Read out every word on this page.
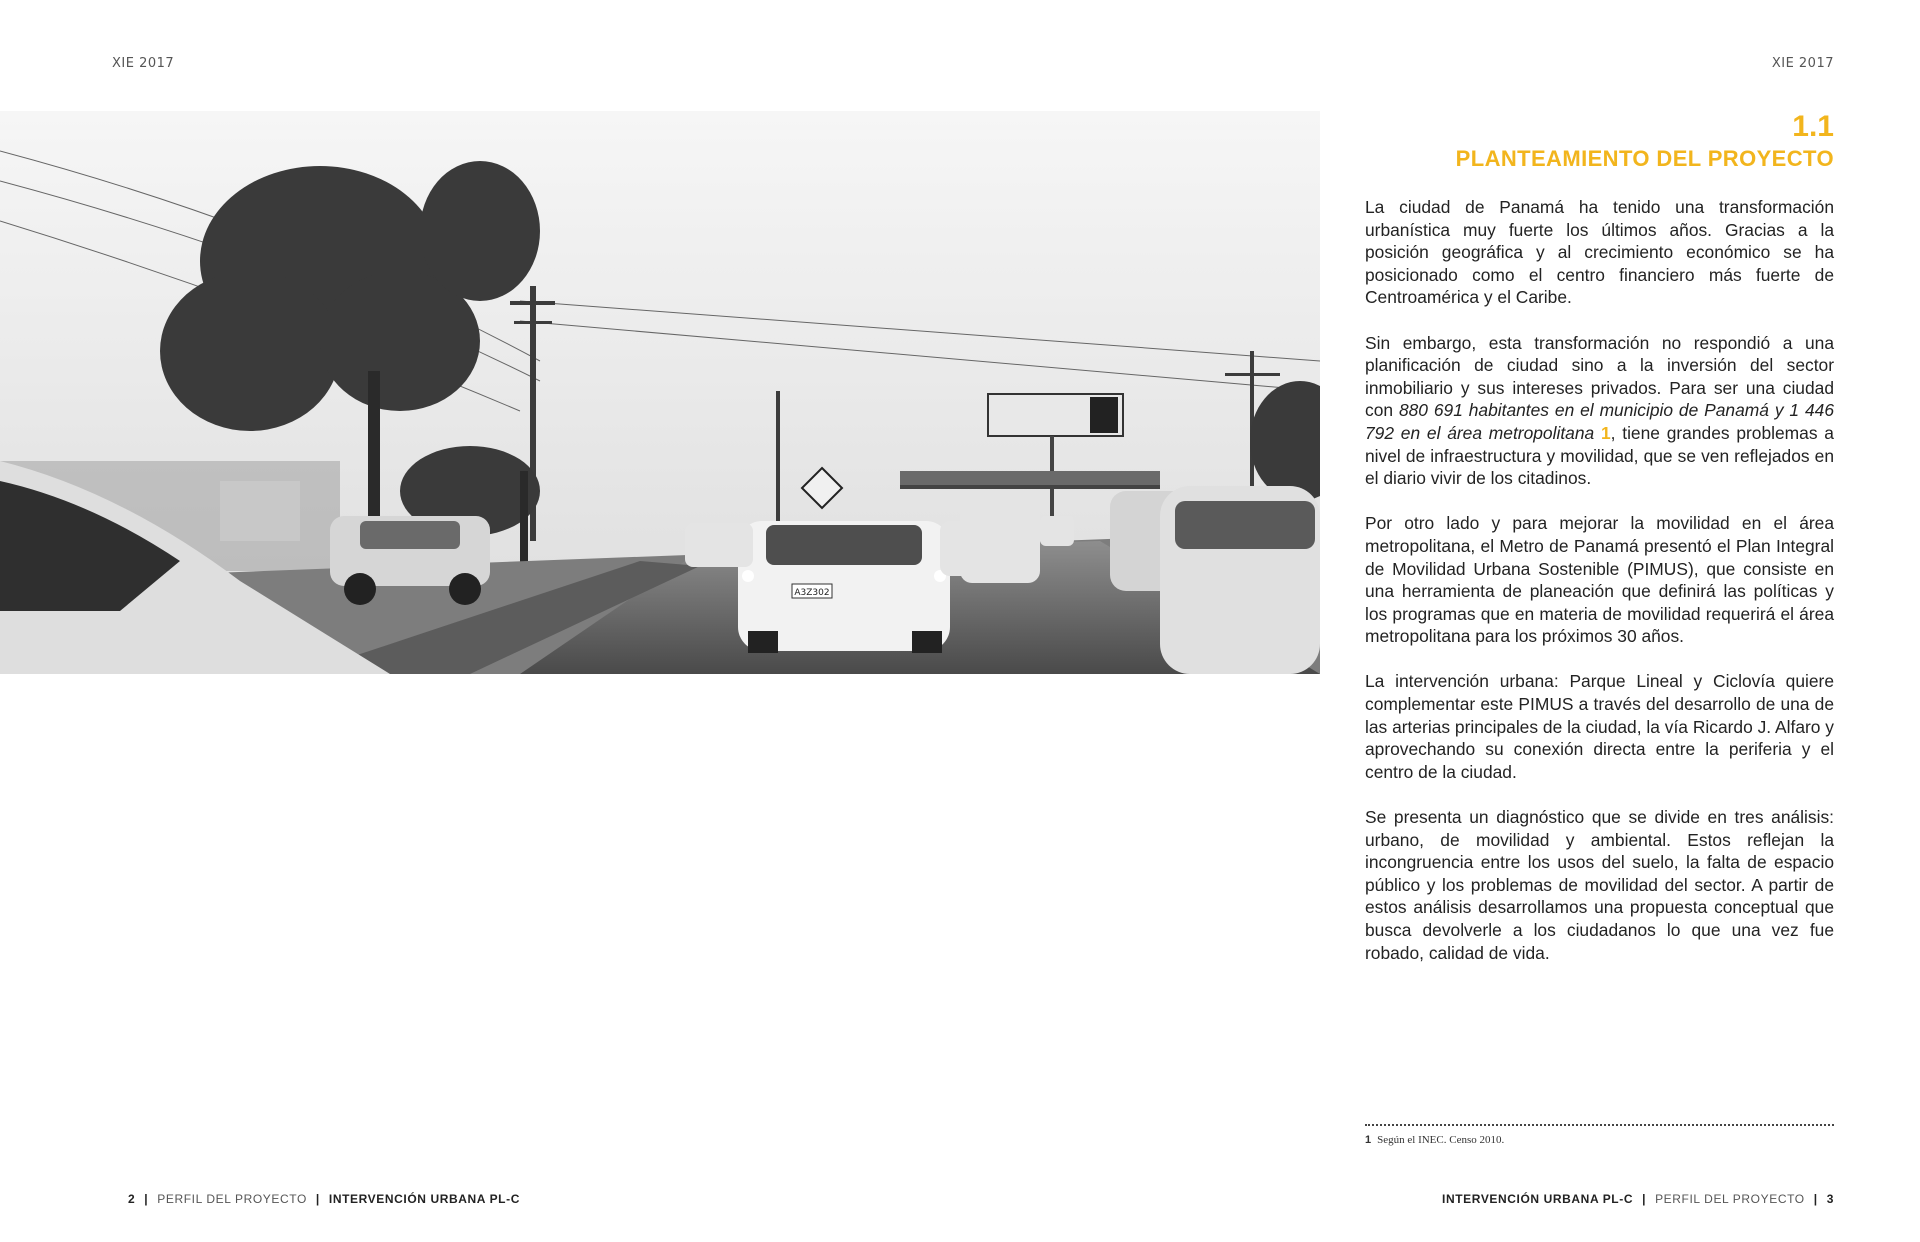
XIE 2017
A3Z302
2 | PERFIL DEL PROYECTO | INTERVENCIÓN URBANA PL-C
XIE 2017
1.1
PLANTEAMIENTO DEL PROYECTO

La ciudad de Panamá ha tenido una transformación urbanística muy fuerte los últimos años. Gracias a la posición geográfica y al crecimiento económico se ha posicionado como el centro financiero más fuerte de Centroamérica y el Caribe.

Sin embargo, esta transformación no respondió a una planificación de ciudad sino a la inversión del sector inmobiliario y sus intereses privados. Para ser una ciudad con 880 691 habitantes en el municipio de Panamá y 1 446 792 en el área metropolitana 1, tiene grandes problemas a nivel de infraestructura y movilidad, que se ven reflejados en el diario vivir de los citadinos.

Por otro lado y para mejorar la movilidad en el área metropolitana, el Metro de Panamá presentó el Plan Integral de Movilidad Urbana Sostenible (PIMUS), que consiste en una herramienta de planeación que definirá las políticas y los programas que en materia de movilidad requerirá el área metropolitana para los próximos 30 años.

La intervención urbana: Parque Lineal y Ciclovía quiere complementar este PIMUS a través del desarrollo de una de las arterias principales de la ciudad, la vía Ricardo J. Alfaro y aprovechando su conexión directa entre la periferia y el centro de la ciudad.

Se presenta un diagnóstico que se divide en tres análisis: urbano, de movilidad y ambiental. Estos reflejan la incongruencia entre los usos del suelo, la falta de espacio público y los problemas de movilidad del sector. A partir de estos análisis desarrollamos una propuesta conceptual que busca devolverle a los ciudadanos lo que una vez fue robado, calidad de vida.

1 Según el INEC. Censo 2010.
INTERVENCIÓN URBANA PL-C | PERFIL DEL PROYECTO | 3
